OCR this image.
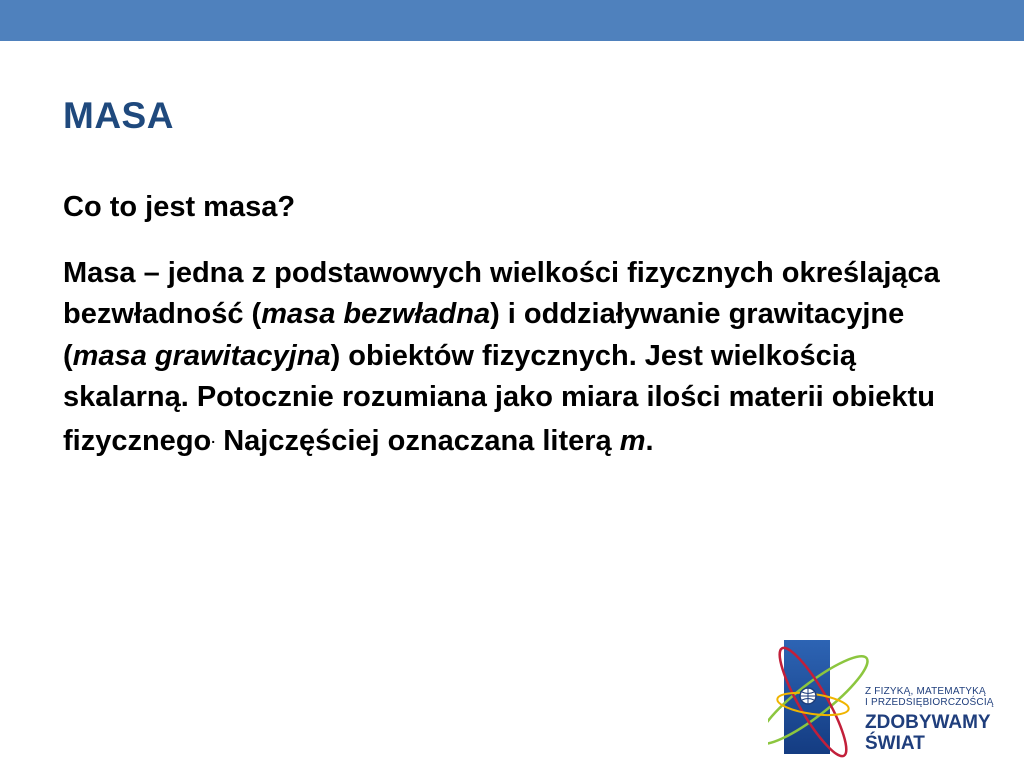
MASA

Co to jest masa?

Masa – jedna z podstawowych wielkości fizycznych określająca bezwładność (masa bezwładna) i oddziaływanie grawitacyjne (masa grawitacyjna) obiektów fizycznych. Jest wielkością skalarną. Potocznie rozumiana jako miara ilości materii obiektu fizycznego. Najczęściej oznaczana literą m.

Z FIZYKĄ, MATEMATYKĄ
I PRZEDSIĘBIORCZOŚCIĄ
ZDOBYWAMY
ŚWIAT
